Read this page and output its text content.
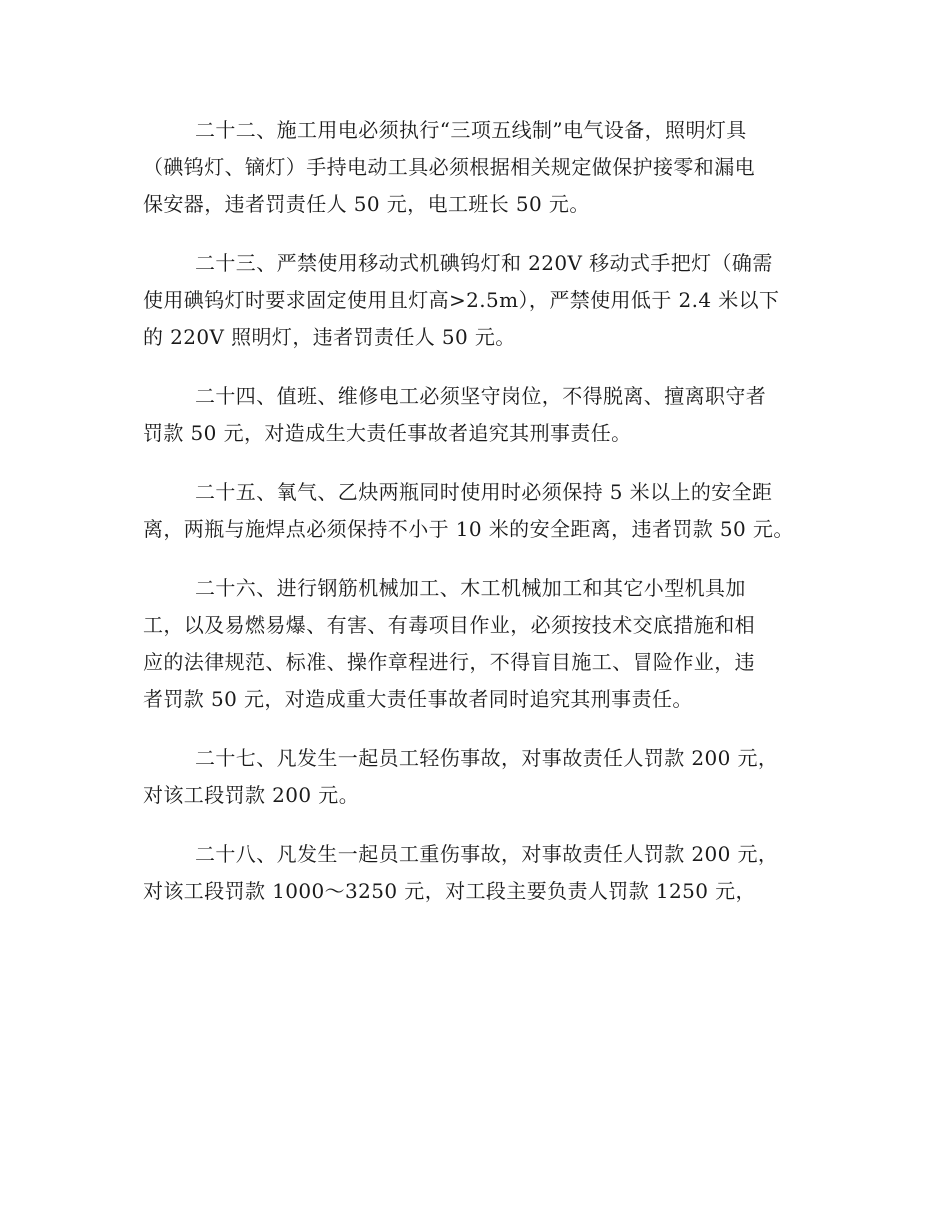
二十二、施工用电必须执行“三项五线制”电气设备，照明灯具
（碘钨灯、镝灯）手持电动工具必须根据相关规定做保护接零和漏电
保安器，违者罚责任人 50 元，电工班长 50 元。

二十三、严禁使用移动式机碘钨灯和 220V 移动式手把灯（确需
使用碘钨灯时要求固定使用且灯高>2.5m），严禁使用低于 2.4 米以下
的 220V 照明灯，违者罚责任人 50 元。

二十四、值班、维修电工必须坚守岗位，不得脱离、擅离职守者
罚款 50 元，对造成生大责任事故者追究其刑事责任。

二十五、氧气、乙炔两瓶同时使用时必须保持 5 米以上的安全距
离，两瓶与施焊点必须保持不小于 10 米的安全距离，违者罚款 50 元。

二十六、进行钢筋机械加工、木工机械加工和其它小型机具加
工，以及易燃易爆、有害、有毒项目作业，必须按技术交底措施和相
应的法律规范、标准、操作章程进行，不得盲目施工、冒险作业，违
者罚款 50 元，对造成重大责任事故者同时追究其刑事责任。

二十七、凡发生一起员工轻伤事故，对事故责任人罚款 200 元，
对该工段罚款 200 元。

二十八、凡发生一起员工重伤事故，对事故责任人罚款 200 元，
对该工段罚款 1000～3250 元，对工段主要负责人罚款 1250 元，
